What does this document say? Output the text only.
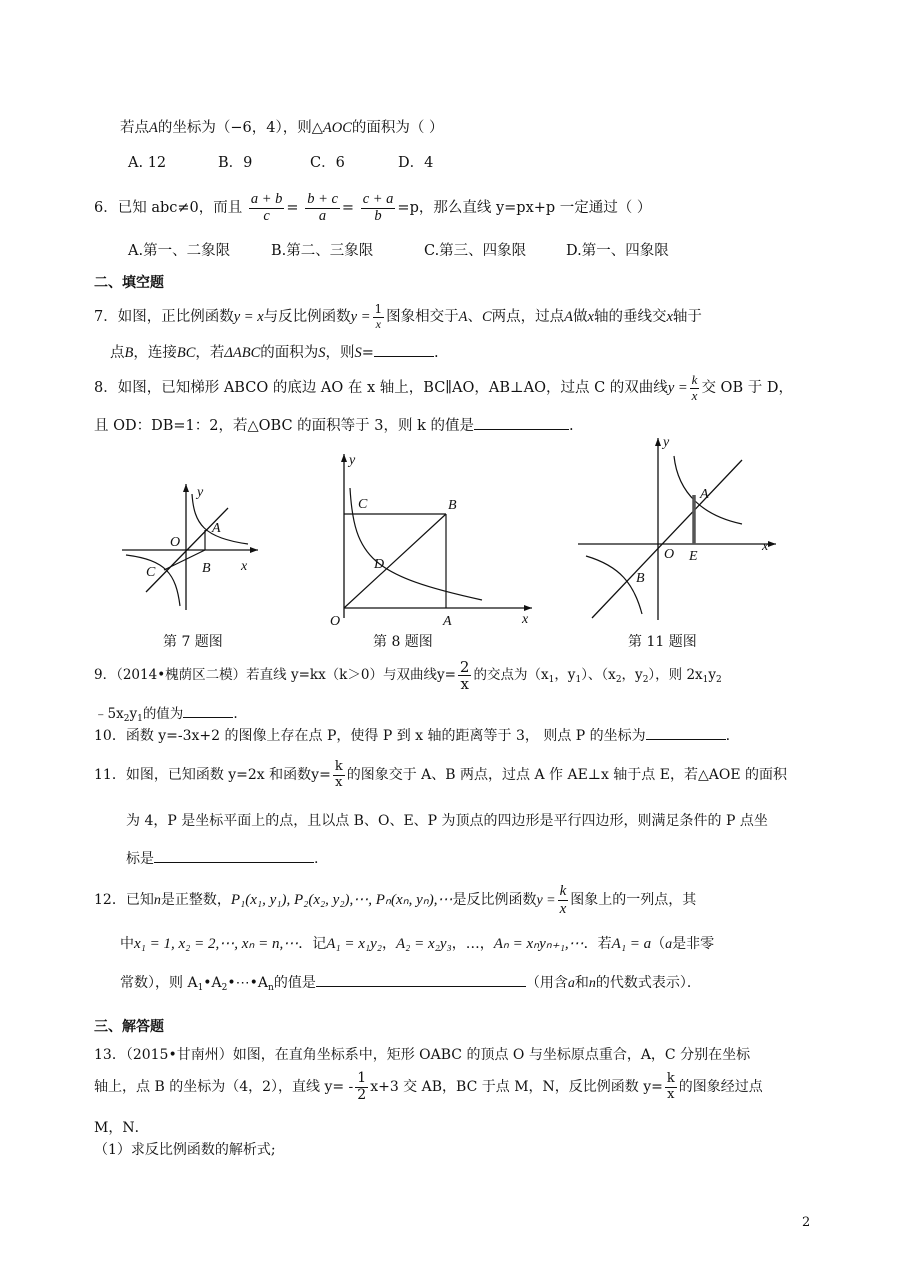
若点A的坐标为（−6，4），则△AOC的面积为（ ）
A. 12	B．9	C．6	D．4
6．已知 abc≠0，而且 $\frac{a + b}{c} = \frac{b + c}{a} = \frac{c + a}{b} =p$，那么直线 y=px+p 一定通过（ ）
A.第一、二象限	B.第二、三象限	C.第三、四象限	D.第一、四象限
二、填空题
7．如图，正比例函数y = x与反比例函数$y = \frac{1}{x}$ 图象相交于A、C两点，过点A做x轴的垂线交x轴于
点B，连接BC，若ΔABC的面积为S，则S=	.
8．如图，已知梯形 ABCO 的底边 AO 在 x 轴上，BC∥AO，AB⊥AO，过点 C 的双曲线$y = \frac{k}{x}$ 交 OB 于 D，
且 OD：DB=1：2，若△OBC 的面积等于 3，则 k 的值是	.
y
x
A
O
B
C
第 7 题图
y
x
C	B
D
O	A
第 8 题图
y
x
A
O E
B
第 11 题图
9．（2014•槐荫区二模）若直线 y=kx（k＞0）与双曲线$y= \frac{2}{x}$ 的交点为（$x_1$，$y_1$）、（$x_2$，$y_2$），则 $2x_1y_2$
$﹣5x_2y_1$的值为	.
10．函数 y=-3x+2 的图像上存在点 P，使得 P 到 x 轴的距离等于 3， 则点 P 的坐标为	.
11．如图，已知函数 y=2x 和函数$y= \frac{k}{x}$ 的图象交于 A、B 两点，过点 A 作 AE⊥x 轴于点 E，若△AOE 的面积
为 4，P 是坐标平面上的点，且以点 B、O、E、P 为顶点的四边形是平行四边形，则满足条件的 P 点坐
标是	.
12．已知n是正整数，P₁(x₁, y₁), P₂(x₂, y₂),⋯, Pₙ(xₙ, yₙ),⋯是反比例函数$y = \frac{k}{x}$ 图象上的一列点，其
中x₁ = 1, x₂ = 2,⋯, xₙ = n,⋯．记A₁ = x₁y₂，A₂ = x₂y₃，…，Aₙ = xₙyₙ₊₁,⋯．若A₁ = a（a是非零
常数），则 $A_1•A_2•\cdots•A_n$的值是	（用含a和n的代数式表示）．
三、解答题
13．（2015•甘南州）如图，在直角坐标系中，矩形 OABC 的顶点 O 与坐标原点重合，A，C 分别在坐标
轴上，点 B 的坐标为（4，2），直线 $y= - \frac{1}{2} x+3$ 交 AB，BC 于点 M，N，反比例函数 $y= \frac{k}{x}$ 的图象经过点
M，N．
（1）求反比例函数的解析式;
2
